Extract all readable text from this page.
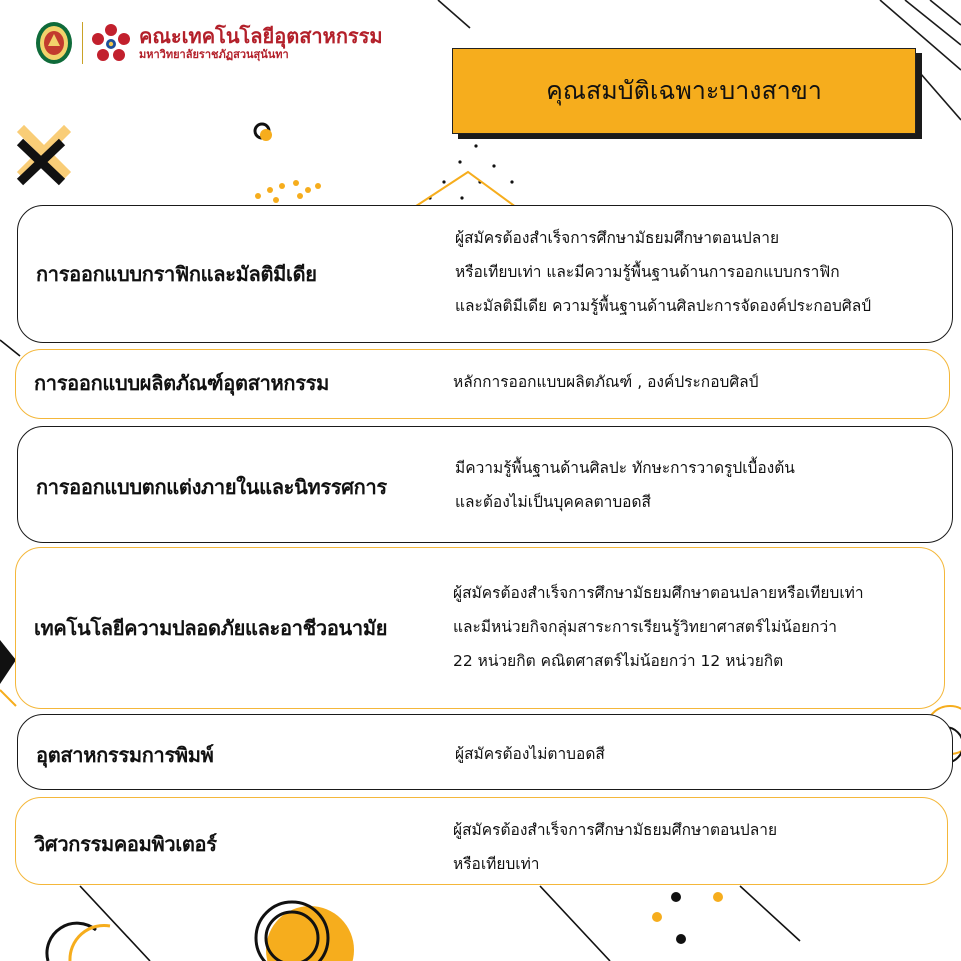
คณะเทคโนโลยีอุตสาหกรรม
มหาวิทยาลัยราชภัฏสวนสุนันทา
คุณสมบัติเฉพาะบางสาขา
การออกแบบกราฟิกและมัลติมีเดีย
ผู้สมัครต้องสำเร็จการศึกษามัธยมศึกษาตอนปลาย
หรือเทียบเท่า และมีความรู้พื้นฐานด้านการออกแบบกราฟิก
และมัลติมีเดีย ความรู้พื้นฐานด้านศิลปะการจัดองค์ประกอบศิลป์
การออกแบบผลิตภัณฑ์อุตสาหกรรม	หลักการออกแบบผลิตภัณฑ์ , องค์ประกอบศิลป์
การออกแบบตกแต่งภายในและนิทรรศการ
มีความรู้พื้นฐานด้านศิลปะ ทักษะการวาดรูปเบื้องต้น
และต้องไม่เป็นบุคคลตาบอดสี
เทคโนโลยีความปลอดภัยและอาชีวอนามัย
ผู้สมัครต้องสำเร็จการศึกษามัธยมศึกษาตอนปลายหรือเทียบเท่า
และมีหน่วยกิจกลุ่มสาระการเรียนรู้วิทยาศาสตร์ไม่น้อยกว่า
22 หน่วยกิต คณิตศาสตร์ไม่น้อยกว่า 12 หน่วยกิต
อุตสาหกรรมการพิมพ์	ผู้สมัครต้องไม่ตาบอดสี
วิศวกรรมคอมพิวเตอร์
ผู้สมัครต้องสำเร็จการศึกษามัธยมศึกษาตอนปลาย
หรือเทียบเท่า
